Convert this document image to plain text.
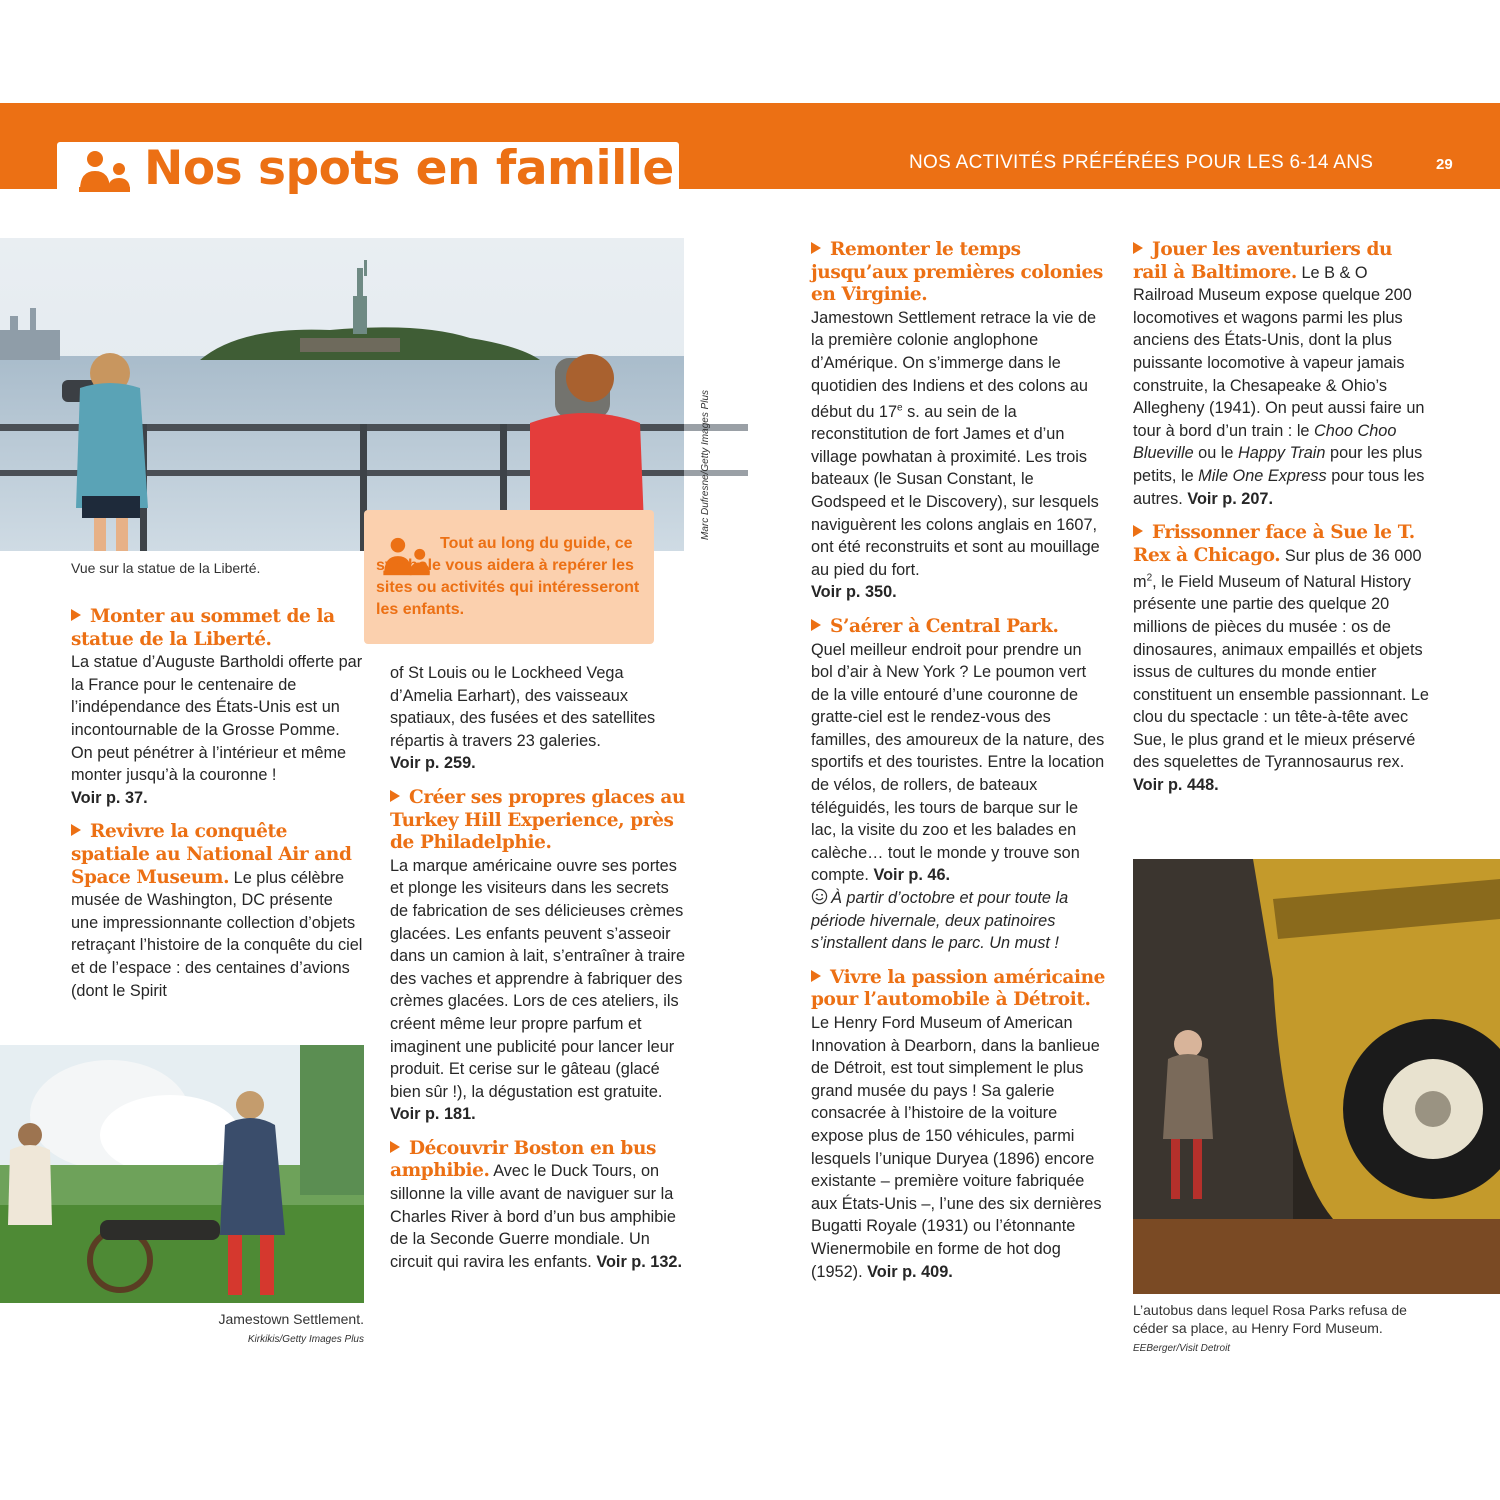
Nos spots en famille	NOS ACTIVITÉS PRÉFÉRÉES POUR LES 6-14 ANS	29
Marc Dufresne/Getty Images Plus
Vue sur la statue de la Liberté.
Tout au long du guide, ce symbole vous aidera à repérer les sites ou activités qui intéresseront les enfants.

Monter au sommet de la statue de la Liberté.
La statue d’Auguste Bartholdi offerte par la France pour le centenaire de l’indépendance des États-Unis est un incontournable de la Grosse Pomme. On peut pénétrer à l’intérieur et même monter jusqu’à la couronne !
Voir p. 37.

Revivre la conquête spatiale au National Air and Space Museum. Le plus célèbre musée de Washington, DC présente une impressionnante collection d’objets retraçant l’histoire de la conquête du ciel et de l’espace : des centaines d’avions (dont le Spirit

Jamestown Settlement.
Kirkikis/Getty Images Plus

of St Louis ou le Lockheed Vega d’Amelia Earhart), des vaisseaux spatiaux, des fusées et des satellites répartis à travers 23 galeries.
Voir p. 259.

Créer ses propres glaces au Turkey Hill Experience, près de Philadelphie.
La marque américaine ouvre ses portes et plonge les visiteurs dans les secrets de fabrication de ses délicieuses crèmes glacées. Les enfants peuvent s’asseoir dans un camion à lait, s’entraîner à traire des vaches et apprendre à fabriquer des crèmes glacées. Lors de ces ateliers, ils créent même leur propre parfum et imaginent une publicité pour lancer leur produit. Et cerise sur le gâteau (glacé bien sûr !), la dégustation est gratuite. Voir p. 181.

Découvrir Boston en bus amphibie. Avec le Duck Tours, on sillonne la ville avant de naviguer sur la Charles River à bord d’un bus amphibie de la Seconde Guerre mondiale. Un circuit qui ravira les enfants. Voir p. 132.

Remonter le temps jusqu’aux premières colonies en Virginie.
Jamestown Settlement retrace la vie de la première colonie anglophone d’Amérique. On s’immerge dans le quotidien des Indiens et des colons au début du 17e s. au sein de la reconstitution de fort James et d’un village powhatan à proximité. Les trois bateaux (le Susan Constant, le Godspeed et le Discovery), sur lesquels naviguèrent les colons anglais en 1607, ont été reconstruits et sont au mouillage au pied du fort.
Voir p. 350.

S’aérer à Central Park.
Quel meilleur endroit pour prendre un bol d’air à New York ? Le poumon vert de la ville entouré d’une couronne de gratte-ciel est le rendez-vous des familles, des amoureux de la nature, des sportifs et des touristes. Entre la location de vélos, de rollers, de bateaux téléguidés, les tours de barque sur le lac, la visite du zoo et les balades en calèche… tout le monde y trouve son compte. Voir p. 46.
À partir d’octobre et pour toute la période hivernale, deux patinoires s’installent dans le parc. Un must !

Vivre la passion américaine pour l’automobile à Détroit.
Le Henry Ford Museum of American Innovation à Dearborn, dans la banlieue de Détroit, est tout simplement le plus grand musée du pays ! Sa galerie consacrée à l’histoire de la voiture expose plus de 150 véhicules, parmi lesquels l’unique Duryea (1896) encore existante – première voiture fabriquée aux États-Unis –, l’une des six dernières Bugatti Royale (1931) ou l’étonnante Wienermobile en forme de hot dog (1952). Voir p. 409.

Jouer les aventuriers du rail à Baltimore. Le B & O Railroad Museum expose quelque 200 locomotives et wagons parmi les plus anciens des États-Unis, dont la plus puissante locomotive à vapeur jamais construite, la Chesapeake & Ohio’s Allegheny (1941). On peut aussi faire un tour à bord d’un train : le Choo Choo Blueville ou le Happy Train pour les plus petits, le Mile One Express pour tous les autres. Voir p. 207.

Frissonner face à Sue le T. Rex à Chicago. Sur plus de 36 000 $m^2$, le Field Museum of Natural History présente une partie des quelque 20 millions de pièces du musée : os de dinosaures, animaux empaillés et objets issus de cultures du monde entier constituent un ensemble passionnant. Le clou du spectacle : un tête-à-tête avec Sue, le plus grand et le mieux préservé des squelettes de Tyrannosaurus rex.
Voir p. 448.

L’autobus dans lequel Rosa Parks refusa de céder sa place, au Henry Ford Museum.
EEBerger/Visit Detroit
